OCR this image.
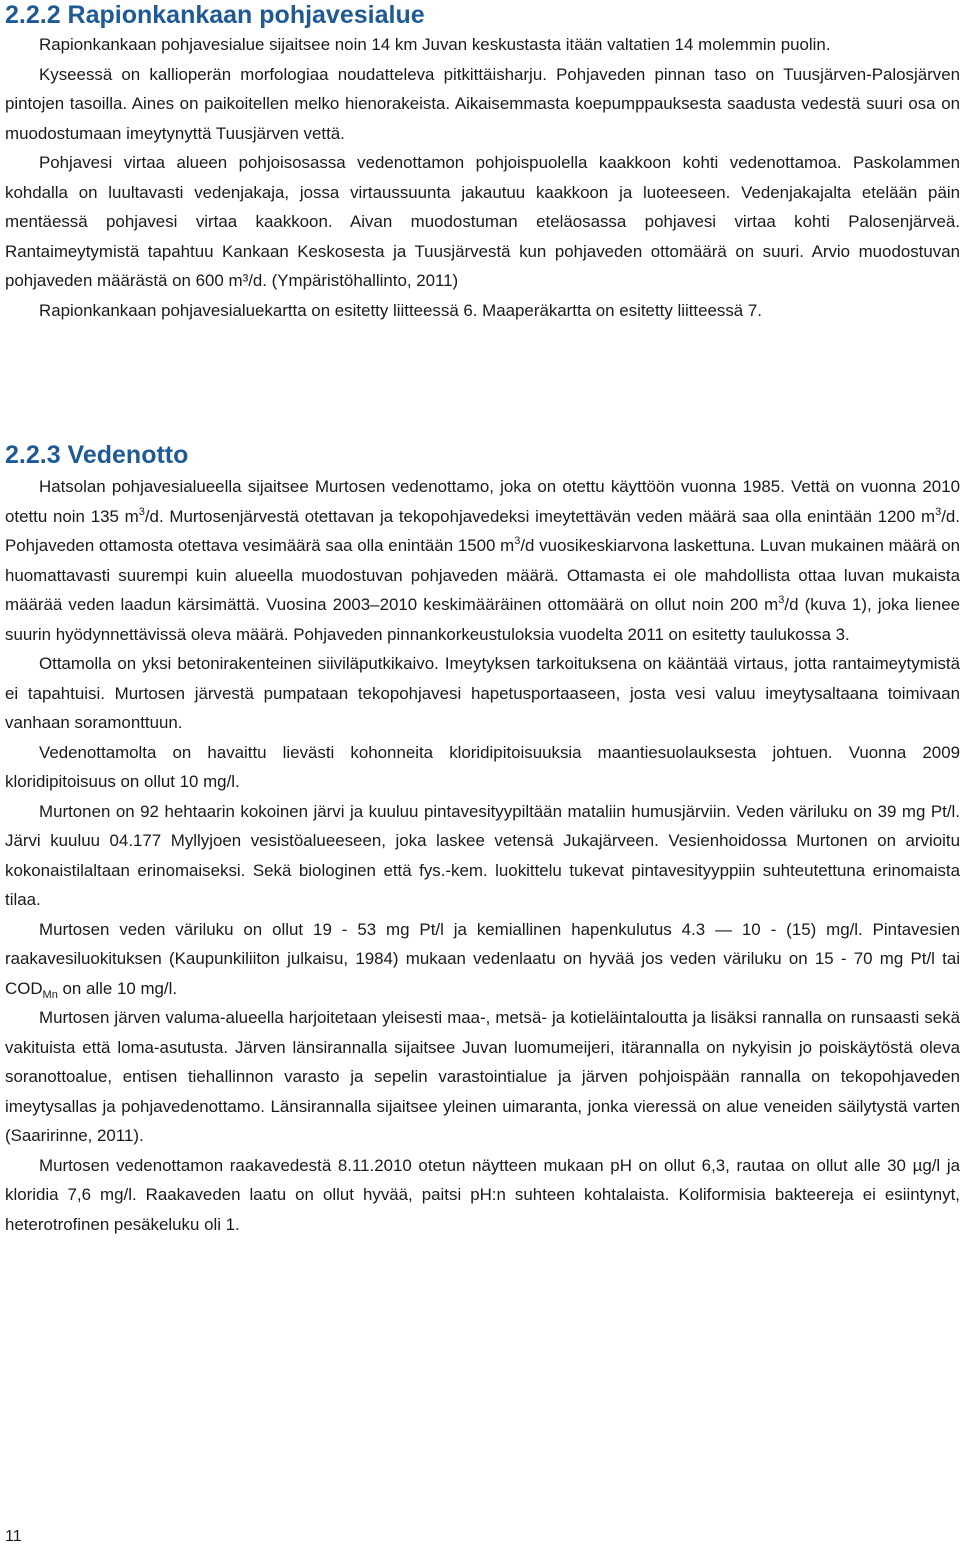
2.2.2 Rapionkankaan pohjavesialue

Rapionkankaan pohjavesialue sijaitsee noin 14 km Juvan keskustasta itään valtatien 14 molemmin puolin.

Kyseessä on kallioperän morfologiaa noudatteleva pitkittäisharju. Pohjaveden pinnan taso on Tuusjärven-Palosjärven pintojen tasoilla. Aines on paikoitellen melko hienorakeista. Aikaisemmasta koepumppauksesta saadusta vedestä suuri osa on muodostumaan imeytynyttä Tuusjärven vettä.

Pohjavesi virtaa alueen pohjoisosassa vedenottamon pohjoispuolella kaakkoon kohti vedenottamoa. Paskolammen kohdalla on luultavasti vedenjakaja, jossa virtaussuunta jakautuu kaakkoon ja luoteeseen. Vedenjakajalta etelään päin mentäessä pohjavesi virtaa kaakkoon. Aivan muodostuman eteläosassa pohjavesi virtaa kohti Palosenjärveä. Rantaimeytymistä tapahtuu Kankaan Keskosesta ja Tuusjärvestä kun pohjaveden ottomäärä on suuri. Arvio muodostuvan pohjaveden määrästä on 600 m³/d. (Ympäristöhallinto, 2011)

Rapionkankaan pohjavesialuekartta on esitetty liitteessä 6. Maaperäkartta on esitetty liitteessä 7.

2.2.3 Vedenotto

Hatsolan pohjavesialueella sijaitsee Murtosen vedenottamo, joka on otettu käyttöön vuonna 1985. Vettä on vuonna 2010 otettu noin 135 $m^3/d$. Murtosenjärvestä otettavan ja tekopohjavedeksi imeytettävän veden määrä saa olla enintään 1200 $m^3/d$. Pohjaveden ottamosta otettava vesimäärä saa olla enintään 1500 $m^3/d$ vuosikeskiarvona laskettuna. Luvan mukainen määrä on huomattavasti suurempi kuin alueella muodostuvan pohjaveden määrä. Ottamasta ei ole mahdollista ottaa luvan mukaista määrää veden laadun kärsimättä. Vuosina 2003–2010 keskimääräinen ottomäärä on ollut noin 200 $m^3/d$ (kuva 1), joka lienee suurin hyödynnettävissä oleva määrä. Pohjaveden pinnankorkeustuloksia vuodelta 2011 on esitetty taulukossa 3.

Ottamolla on yksi betonirakenteinen siiviläputkikaivo. Imeytyksen tarkoituksena on kääntää virtaus, jotta rantaimeytymistä ei tapahtuisi. Murtosen järvestä pumpataan tekopohjavesi hapetusportaaseen, josta vesi valuu imeytysaltaana toimivaan vanhaan soramonttuun.

Vedenottamolta on havaittu lievästi kohonneita kloridipitoisuuksia maantiesuolauksesta johtuen. Vuonna 2009 kloridipitoisuus on ollut 10 mg/l.

Murtonen on 92 hehtaarin kokoinen järvi ja kuuluu pintavesityypiltään mataliin humusjärviin. Veden väriluku on 39 mg Pt/l. Järvi kuuluu 04.177 Myllyjoen vesistöalueeseen, joka laskee vetensä Jukajärveen. Vesienhoidossa Murtonen on arvioitu kokonaistilaltaan erinomaiseksi. Sekä biologinen että fys.-kem. luokittelu tukevat pintavesityyppiin suhteutettuna erinomaista tilaa.

Murtosen veden väriluku on ollut 19 - 53 mg Pt/l ja kemiallinen hapenkulutus 4.3 — 10 - (15) mg/l. Pintavesien raakavesiluokituksen (Kaupunkiliiton julkaisu, 1984) mukaan vedenlaatu on hyvää jos veden väriluku on 15 - 70 mg Pt/l tai $COD_{Mn}$ on alle 10 mg/l.

Murtosen järven valuma-alueella harjoitetaan yleisesti maa-, metsä- ja kotieläintaloutta ja lisäksi rannalla on runsaasti sekä vakituista että loma-asutusta. Järven länsirannalla sijaitsee Juvan luomumeijeri, itärannalla on nykyisin jo poiskäytöstä oleva soranottoalue, entisen tiehallinnon varasto ja sepelin varastointialue ja järven pohjoispään rannalla on tekopohjaveden imeytysallas ja pohjavedenottamo. Länsirannalla sijaitsee yleinen uimaranta, jonka vieressä on alue veneiden säilytystä varten (Saaririnne, 2011).

Murtosen vedenottamon raakavedestä 8.11.2010 otetun näytteen mukaan pH on ollut 6,3, rautaa on ollut alle 30 µg/l ja kloridia 7,6 mg/l. Raakaveden laatu on ollut hyvää, paitsi pH:n suhteen kohtalaista. Koliformisia bakteereja ei esiintynyt, heterotrofinen pesäkeluku oli 1.

11
